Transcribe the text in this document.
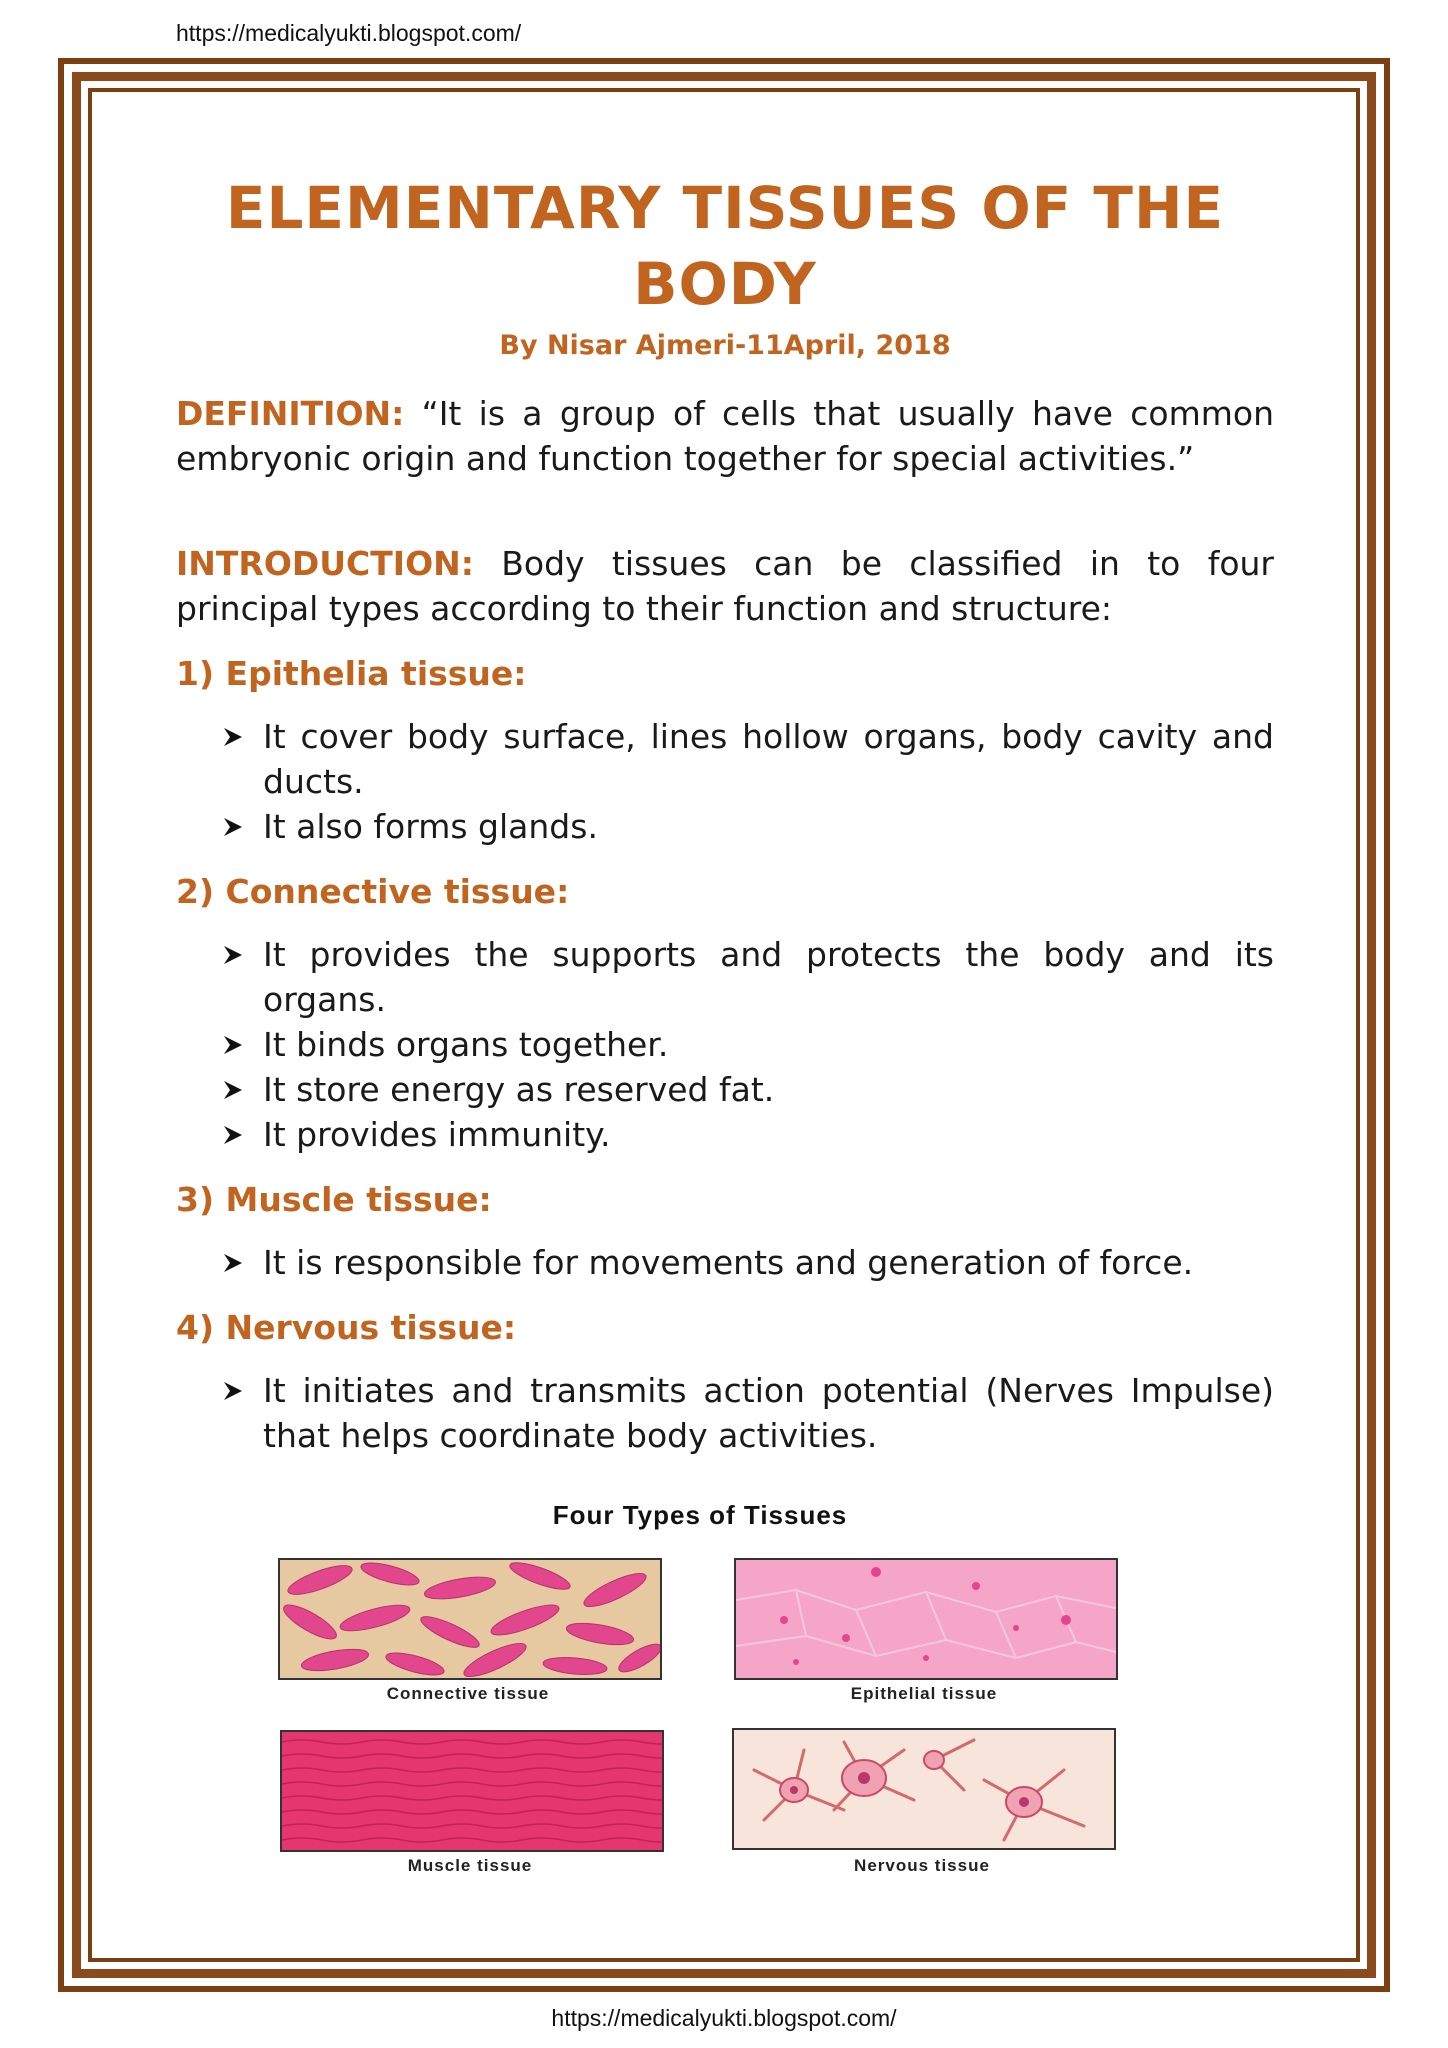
https://medicalyukti.blogspot.com/
ELEMENTARY TISSUES OF THE
BODY
By Nisar Ajmeri-11April, 2018

DEFINITION: “It is a group of cells that usually have common embryonic origin and function together for special activities.”

INTRODUCTION: Body tissues can be classified in to four principal types according to their function and structure:

1) Epithelia tissue:
It cover body surface, lines hollow organs, body cavity and ducts.
It also forms glands.
2) Connective tissue:
It provides the supports and protects the body and its organs.
It binds organs together.
It store energy as reserved fat.
It provides immunity.
3) Muscle tissue:
It is responsible for movements and generation of force.
4) Nervous tissue:
It initiates and transmits action potential (Nerves Impulse) that helps coordinate body activities.
Four Types of Tissues
Connective tissue	Epithelial tissue
Muscle tissue	Nervous tissue
https://medicalyukti.blogspot.com/
